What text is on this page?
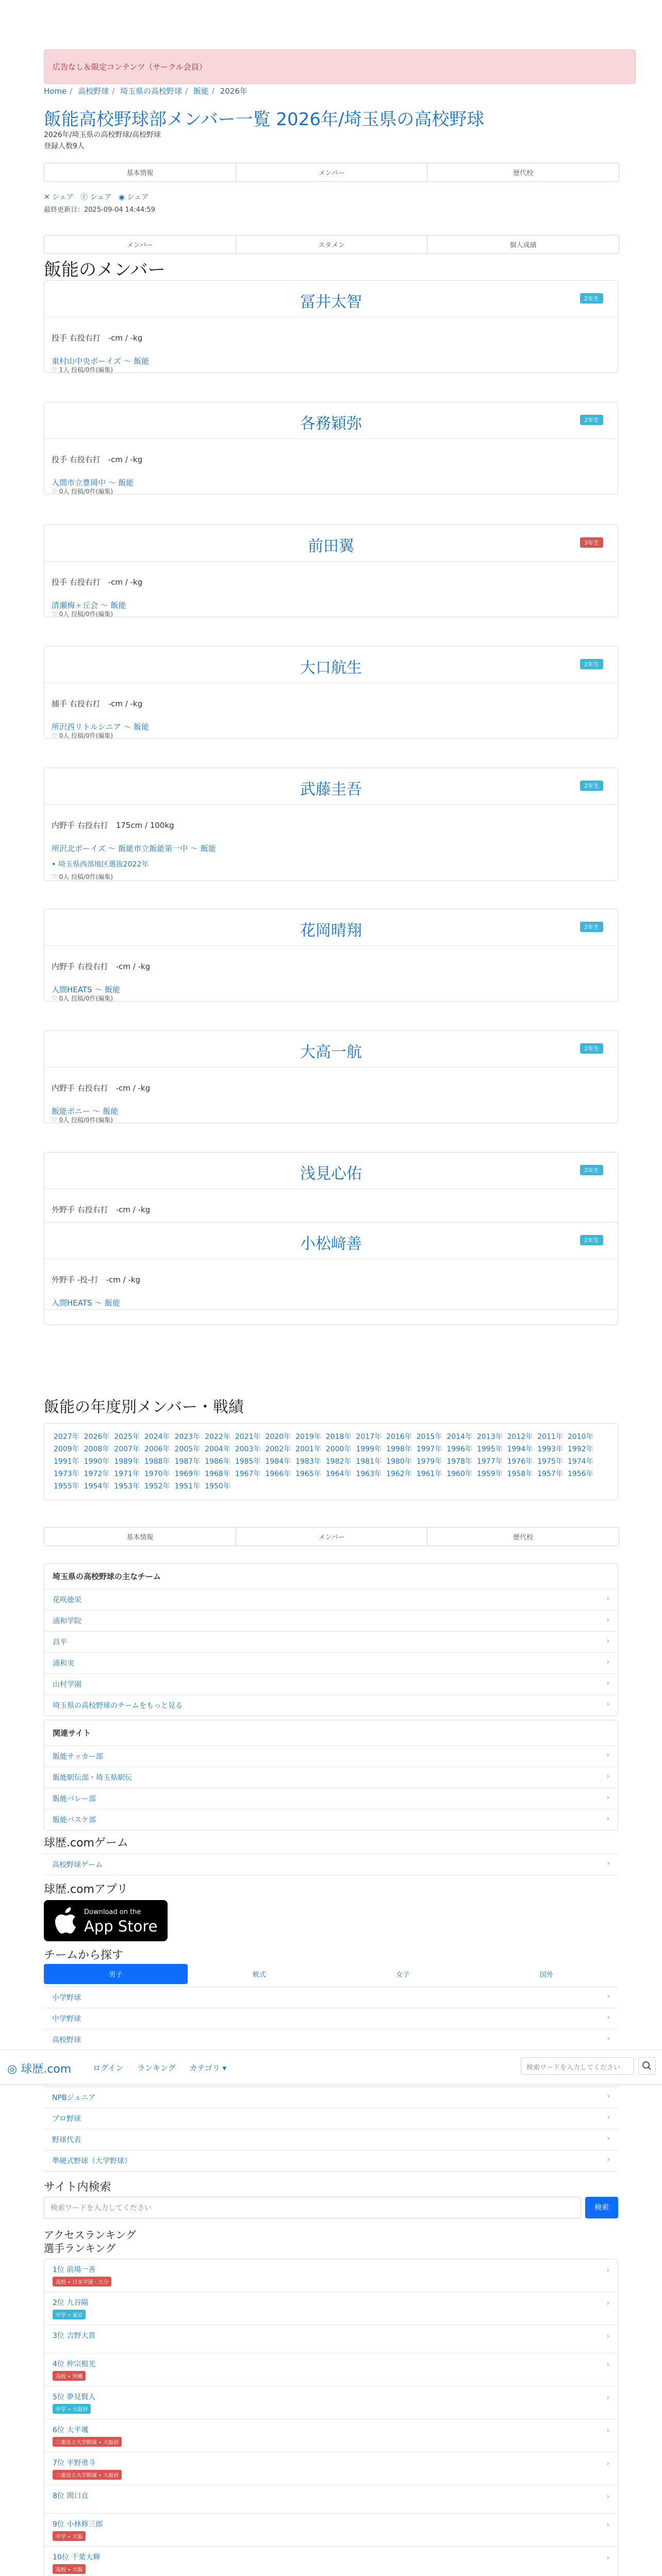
広告なし＆限定コンテンツ（サークル会員）
Home / 高校野球 / 埼玉県の高校野球 / 飯能 / 2026年
飯能高校野球部メンバー一覧 2026年/埼玉県の高校野球
2026年/埼玉県の高校野球/高校野球
登録人数9人
基本情報	メンバー	歴代校
✕ シェア ⓕ シェア ◉ シェア
最終更新日：2025-09-04 14:44:59
メンバー	スタメン	個人成績
飯能のメンバー
冨井太智	2年生
投手 右投右打　-cm / -kg
東村山中央ボーイズ 〜 飯能
♡ 1人 投稿/0件(編集)
各務穎弥	2年生
投手 右投右打　-cm / -kg
入間市立豊岡中 〜 飯能
♡ 0人 投稿/0件(編集)
前田翼	3年生
投手 右投右打　-cm / -kg
清瀬梅ヶ丘会 〜 飯能
♡ 0人 投稿/0件(編集)
大口航生	2年生
捕手 右投右打　-cm / -kg
所沢西リトルシニア 〜 飯能
♡ 0人 投稿/0件(編集)
武藤圭吾	2年生
内野手 右投右打　175cm / 100kg
所沢北ボーイズ 〜 飯能市立飯能第一中 〜 飯能
• 埼玉県西部地区選抜2022年
♡ 0人 投稿/0件(編集)
花岡晴翔	2年生
内野手 右投右打　-cm / -kg
入間HEATS 〜 飯能
♡ 0人 投稿/0件(編集)
大高一航	2年生
内野手 右投右打　-cm / -kg
飯能ボニー 〜 飯能
♡ 0人 投稿/0件(編集)
浅見心佑	2年生
外野手 右投右打　-cm / -kg
小松﨑善	2年生
外野手 -投-打　-cm / -kg
入間HEATS 〜 飯能
飯能の年度別メンバー・戦績
2027年 2026年 2025年 2024年 2023年 2022年 2021年 2020年 2019年 2018年 2017年 2016年 2015年 2014年 2013年 2012年 2011年 2010年2009年 2008年 2007年 2006年 2005年 2004年 2003年 2002年 2001年 2000年 1999年 1998年 1997年 1996年 1995年 1994年 1993年 1992年1991年 1990年 1989年 1988年 1987年 1986年 1985年 1984年 1983年 1982年 1981年 1980年 1979年 1978年 1977年 1976年 1975年 1974年1973年 1972年 1971年 1970年 1969年 1968年 1967年 1966年 1965年 1964年 1963年 1962年 1961年 1960年 1959年 1958年 1957年 1956年1955年 1954年 1953年 1952年 1951年 1950年
基本情報	メンバー	歴代校
埼玉県の高校野球の主なチーム
花咲徳栄	›
浦和学院	›
昌平	›
浦和実	›
山村学園	›
埼玉県の高校野球のチームをもっと見る	›
関連サイト
飯能サッカー部	›
飯能駅伝部・埼玉県駅伝	›
飯能バレー部	›
飯能バスケ部	›
球歴.comゲーム
高校野球ゲーム	›
球歴.comアプリ
Download on the
App Store
チームから探す
男子	軟式	女子	国外
小学野球	›
中学野球	›
高校野球	›
◎ 球歴.com	ログイン ランキング カテゴリ ▾	検索ワードを入力してください
NPBジュニア	›
プロ野球	›
野球代表	›
準硬式野球（大学野球）	›
サイト内検索
検索ワードを入力してください	検索
アクセスランキング
選手ランキング
1位 前場一善
高校 • 日本学園・大分
›
2位 九谷陽
中学 • 東京
›
3位 吉野大貴	›
4位 仲宗根光
高校 • 沖縄
›
5位 夢見賢人
中学 • 大阪府
›
6位 大平颯
三重県立大学附属 • 大阪府
›
7位 平野勇斗
三重県立大学附属 • 大阪府
›
8位 関口直	›
9位 小林修三郎
中学 • 大阪
›
10位 千葉大輝
高校 • 大阪
›
